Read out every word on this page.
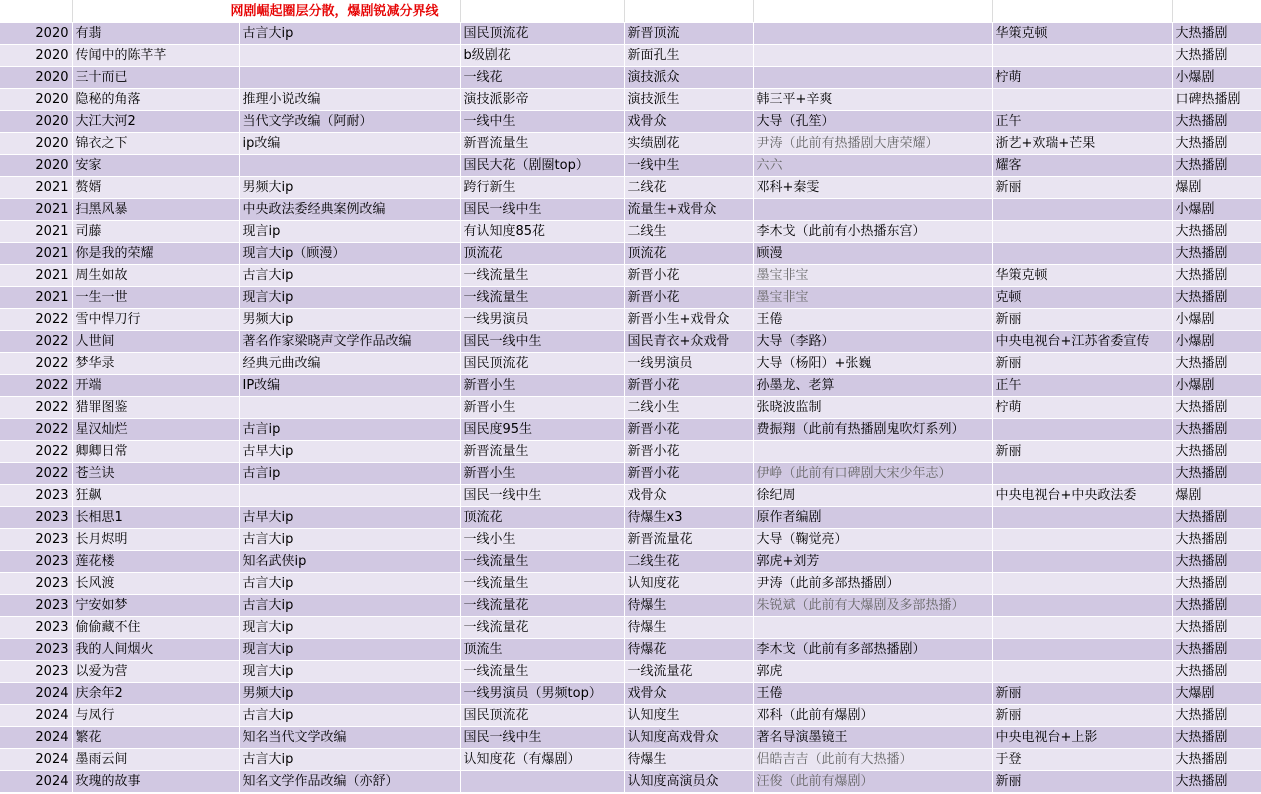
	网剧崛起圈层分散，爆剧锐减分界线						
2020	有翡	古言大ip	国民顶流花	新晋顶流		华策克顿	大热播剧
2020	传闻中的陈芊芊		b级剧花	新面孔生			大热播剧
2020	三十而已		一线花	演技派众		柠萌	小爆剧
2020	隐秘的角落	推理小说改编	演技派影帝	演技派生	韩三平+辛爽		口碑热播剧
2020	大江大河2	当代文学改编（阿耐）	一线中生	戏骨众	大导（孔笙）	正午	大热播剧
2020	锦衣之下	ip改编	新晋流量生	实绩剧花	尹涛（此前有热播剧大唐荣耀）	浙艺+欢瑞+芒果	大热播剧
2020	安家		国民大花（剧圈top）	一线中生	六六	耀客	大热播剧
2021	赘婿	男频大ip	跨行新生	二线花	邓科+秦雯	新丽	爆剧
2021	扫黑风暴	中央政法委经典案例改编	国民一线中生	流量生+戏骨众			小爆剧
2021	司藤	现言ip	有认知度85花	二线生	李木戈（此前有小热播东宫）		大热播剧
2021	你是我的荣耀	现言大ip（顾漫）	顶流花	顶流花	顾漫		大热播剧
2021	周生如故	古言大ip	一线流量生	新晋小花	墨宝非宝	华策克顿	大热播剧
2021	一生一世	现言大ip	一线流量生	新晋小花	墨宝非宝	克顿	大热播剧
2022	雪中悍刀行	男频大ip	一线男演员	新晋小生+戏骨众	王倦	新丽	小爆剧
2022	人世间	著名作家梁晓声文学作品改编	国民一线中生	国民青衣+众戏骨	大导（李路）	中央电视台+江苏省委宣传	小爆剧
2022	梦华录	经典元曲改编	国民顶流花	一线男演员	大导（杨阳）+张巍	新丽	大热播剧
2022	开端	IP改编	新晋小生	新晋小花	孙墨龙、老算	正午	小爆剧
2022	猎罪图鉴		新晋小生	二线小生	张晓波监制	柠萌	大热播剧
2022	星汉灿烂	古言ip	国民度95生	新晋小花	费振翔（此前有热播剧鬼吹灯系列）		大热播剧
2022	卿卿日常	古早大ip	新晋流量生	新晋小花		新丽	大热播剧
2022	苍兰诀	古言ip	新晋小生	新晋小花	伊峥（此前有口碑剧大宋少年志）		大热播剧
2023	狂飙		国民一线中生	戏骨众	徐纪周	中央电视台+中央政法委	爆剧
2023	长相思1	古早大ip	顶流花	待爆生x3	原作者编剧		大热播剧
2023	长月烬明	古言大ip	一线小生	新晋流量花	大导（鞠觉亮）		大热播剧
2023	莲花楼	知名武侠ip	一线流量生	二线生花	郭虎+刘芳		大热播剧
2023	长风渡	古言大ip	一线流量生	认知度花	尹涛（此前多部热播剧）		大热播剧
2023	宁安如梦	古言大ip	一线流量花	待爆生	朱锐斌（此前有大爆剧及多部热播）		大热播剧
2023	偷偷藏不住	现言大ip	一线流量花	待爆生			大热播剧
2023	我的人间烟火	现言大ip	顶流生	待爆花	李木戈（此前有多部热播剧）		大热播剧
2023	以爱为营	现言大ip	一线流量生	一线流量花	郭虎		大热播剧
2024	庆余年2	男频大ip	一线男演员（男频top）	戏骨众	王倦	新丽	大爆剧
2024	与凤行	古言大ip	国民顶流花	认知度生	邓科（此前有爆剧）	新丽	大热播剧
2024	繁花	知名当代文学改编	国民一线中生	认知度高戏骨众	著名导演墨镜王	中央电视台+上影	大热播剧
2024	墨雨云间	古言大ip	认知度花（有爆剧）	待爆生	侣皓吉吉（此前有大热播）	于登	大热播剧
2024	玫瑰的故事	知名文学作品改编（亦舒）		认知度高演员众	汪俊（此前有爆剧）	新丽	大热播剧
